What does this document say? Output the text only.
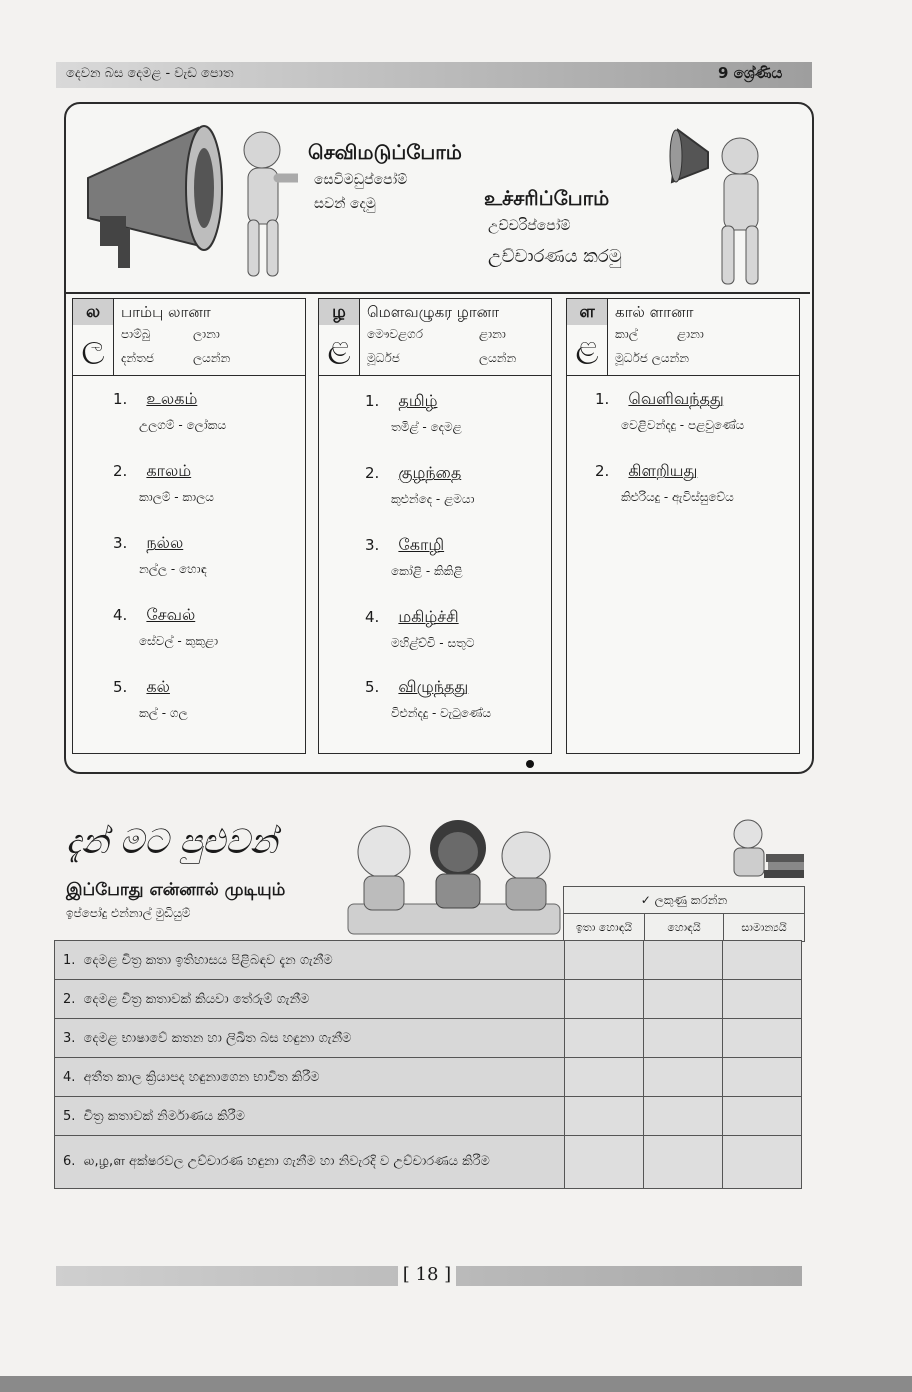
දෙවන බස දෙමළ - වැඩ පොත	9 ශ්‍රේණිය
செவிமடுப்போம்
සෙවිමඩුප්පෝම්
සවන් දෙමු	உச்சரிப்போம்
උච්චරිප්පෝම්
උච්චාරණය කරමු
ல
ල
பாம்பு லானா
පාම්බු	ලානා
දන්තජ	ලයන්න
1. உலகம்
උලගම් - ලෝකය
2. காலம்
කාලම් - කාලය
3. நல்ல
නල්ල - හොඳ
4. சேவல்
සේවල් - කුකුළා
5. கல்
කල් - ගල
ழ
ළ
மௌவழுகர ழானா
මෞවළගර	ළානා
මූර්ධජ	ලයන්න
1. தமிழ்
තමිළ් - දෙමළ
2. குழந்தை
කුළුන්දෙ - ළමයා
3. கோழி
කෝළි - කිකිළි
4. மகிழ்ச்சி
මහිළ්ච්චි - සතුට
5. விழுந்தது
විළුන්දදු - වැටුණේය
ள
ළ
கால் ளானா
කාල්	ළානා
මූර්ධජ ලයන්න
1. வெளிவந்தது
වෙළිවන්දදු - පළවුණේය
2. கிளறியது
කිළුරියදු - ඇවිස්සුවේය
දැන් මට පුළුවන්
இப்போது என்னால் முடியும்
ඉප්පෝදු එන්නාල් මුඩියුම්
✓ ලකුණු කරන්න
ඉතා හොඳයි	හොඳයි	සාමාන්‍යයි
1. දෙමළ චිත්‍ර කතා ඉතිහාසය පිළිබඳව දැන ගැනීම			
2. දෙමළ චිත්‍ර කතාවක් කියවා තේරුම් ගැනීම			
3. දෙමළ භාෂාවේ කතන හා ලිඛිත බස හඳුනා ගැනීම			
4. අතීත කාල ක්‍රියාපද හඳුනාගෙන භාවිත කිරීම			
5. චිත්‍ර කතාවක් නිර්මාණය කිරීම			
6. ல,ழ,ள අක්ෂරවල උච්චාරණ හඳුනා ගැනීම හා නිවැරදි ව උච්චාරණය කිරීම			
[ 18 ]
